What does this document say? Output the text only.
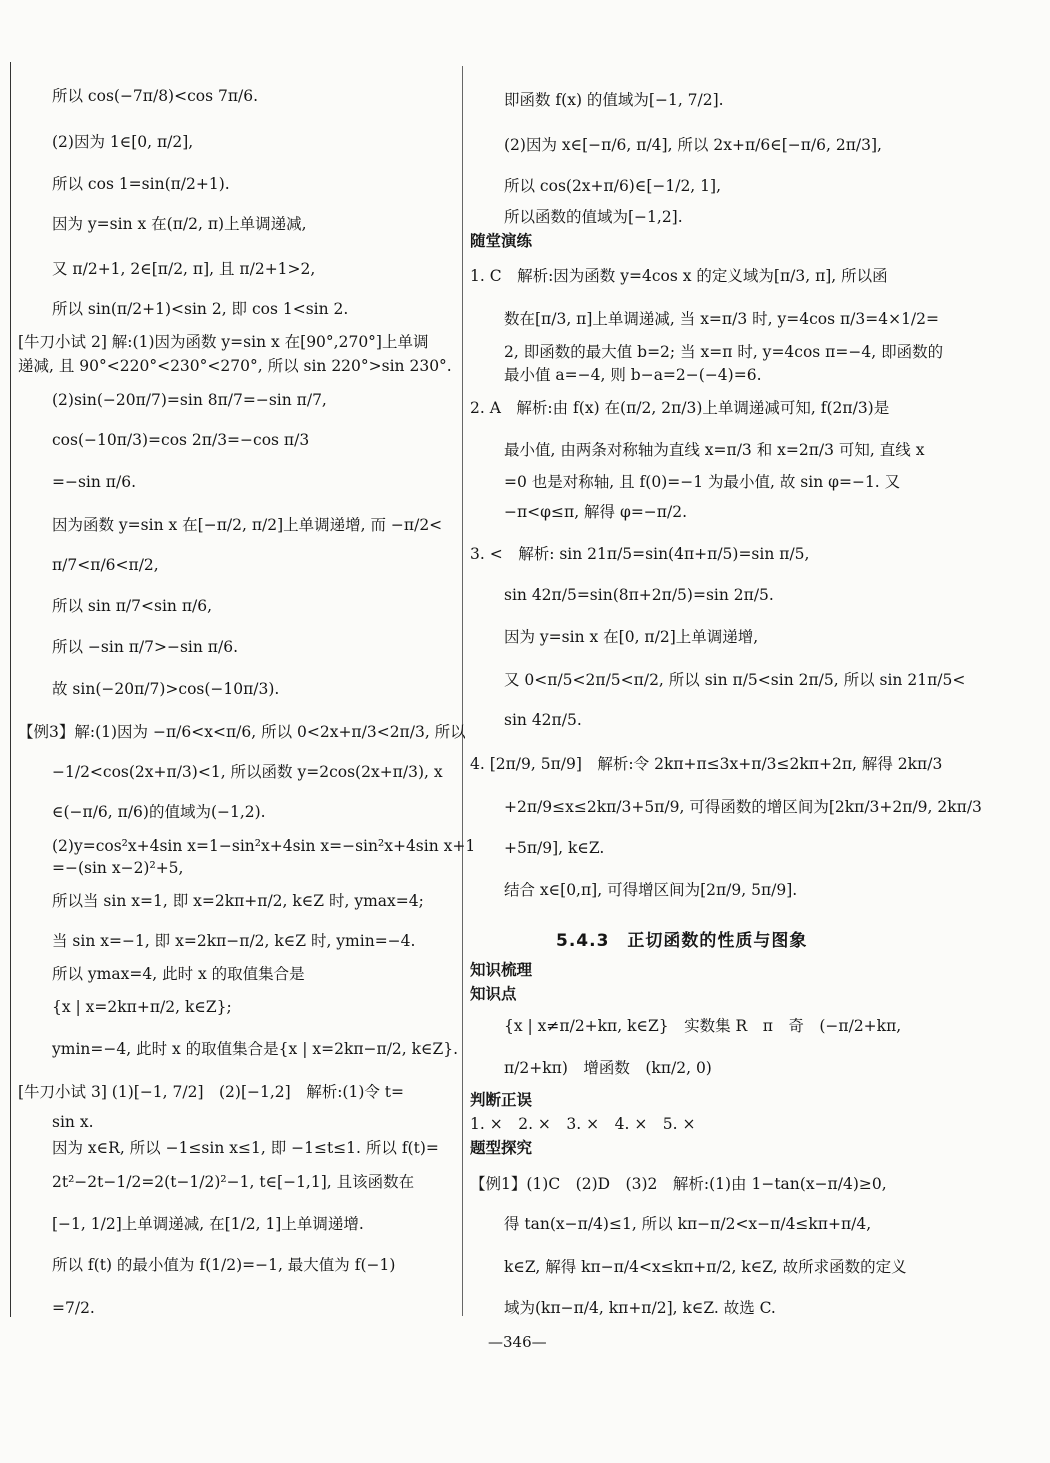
所以 cos(−7π/8)<cos 7π/6.
(2)因为 1∈[0, π/2],
所以 cos 1=sin(π/2+1).
因为 y=sin x 在(π/2, π)上单调递减,
又 π/2+1, 2∈[π/2, π], 且 π/2+1>2,
所以 sin(π/2+1)<sin 2, 即 cos 1<sin 2.
[牛刀小试 2] 解:(1)因为函数 y=sin x 在[90°,270°]上单调
递减, 且 90°<220°<230°<270°, 所以 sin 220°>sin 230°.
(2)sin(−20π/7)=sin 8π/7=−sin π/7,
cos(−10π/3)=cos 2π/3=−cos π/3
=−sin π/6.
因为函数 y=sin x 在[−π/2, π/2]上单调递增, 而 −π/2<
π/7<π/6<π/2,
所以 sin π/7<sin π/6,
所以 −sin π/7>−sin π/6.
故 sin(−20π/7)>cos(−10π/3).
【例3】解:(1)因为 −π/6<x<π/6, 所以 0<2x+π/3<2π/3, 所以
−1/2<cos(2x+π/3)<1, 所以函数 y=2cos(2x+π/3), x
∈(−π/6, π/6)的值域为(−1,2).
(2)y=cos²x+4sin x=1−sin²x+4sin x=−sin²x+4sin x+1
=−(sin x−2)²+5,
所以当 sin x=1, 即 x=2kπ+π/2, k∈Z 时, ymax=4;
当 sin x=−1, 即 x=2kπ−π/2, k∈Z 时, ymin=−4.
所以 ymax=4, 此时 x 的取值集合是
{x | x=2kπ+π/2, k∈Z};
ymin=−4, 此时 x 的取值集合是{x | x=2kπ−π/2, k∈Z}.
[牛刀小试 3] (1)[−1, 7/2]　(2)[−1,2]　解析:(1)令 t=
sin x.
因为 x∈R, 所以 −1≤sin x≤1, 即 −1≤t≤1. 所以 f(t)=
2t²−2t−1/2=2(t−1/2)²−1, t∈[−1,1], 且该函数在
[−1, 1/2]上单调递减, 在[1/2, 1]上单调递增.
所以 f(t) 的最小值为 f(1/2)=−1, 最大值为 f(−1)
=7/2.
即函数 f(x) 的值域为[−1, 7/2].
(2)因为 x∈[−π/6, π/4], 所以 2x+π/6∈[−π/6, 2π/3],
所以 cos(2x+π/6)∈[−1/2, 1],
所以函数的值域为[−1,2].
随堂演练
1. C　解析:因为函数 y=4cos x 的定义域为[π/3, π], 所以函
数在[π/3, π]上单调递减, 当 x=π/3 时, y=4cos π/3=4×1/2=
2, 即函数的最大值 b=2; 当 x=π 时, y=4cos π=−4, 即函数的
最小值 a=−4, 则 b−a=2−(−4)=6.
2. A　解析:由 f(x) 在(π/2, 2π/3)上单调递减可知, f(2π/3)是
最小值, 由两条对称轴为直线 x=π/3 和 x=2π/3 可知, 直线 x
=0 也是对称轴, 且 f(0)=−1 为最小值, 故 sin φ=−1. 又
−π<φ≤π, 解得 φ=−π/2.
3. <　解析: sin 21π/5=sin(4π+π/5)=sin π/5,
sin 42π/5=sin(8π+2π/5)=sin 2π/5.
因为 y=sin x 在[0, π/2]上单调递增,
又 0<π/5<2π/5<π/2, 所以 sin π/5<sin 2π/5, 所以 sin 21π/5<
sin 42π/5.
4. [2π/9, 5π/9]　解析:令 2kπ+π≤3x+π/3≤2kπ+2π, 解得 2kπ/3
+2π/9≤x≤2kπ/3+5π/9, 可得函数的增区间为[2kπ/3+2π/9, 2kπ/3
+5π/9], k∈Z.
结合 x∈[0,π], 可得增区间为[2π/9, 5π/9].
5.4.3　正切函数的性质与图象
知识梳理
知识点
{x | x≠π/2+kπ, k∈Z}　实数集 R　π　奇　(−π/2+kπ,
π/2+kπ)　增函数　(kπ/2, 0)
判断正误
1. ×　2. ×　3. ×　4. ×　5. ×
题型探究
【例1】(1)C　(2)D　(3)2　解析:(1)由 1−tan(x−π/4)≥0,
得 tan(x−π/4)≤1, 所以 kπ−π/2<x−π/4≤kπ+π/4,
k∈Z, 解得 kπ−π/4<x≤kπ+π/2, k∈Z, 故所求函数的定义
域为(kπ−π/4, kπ+π/2], k∈Z. 故选 C.
—346—
